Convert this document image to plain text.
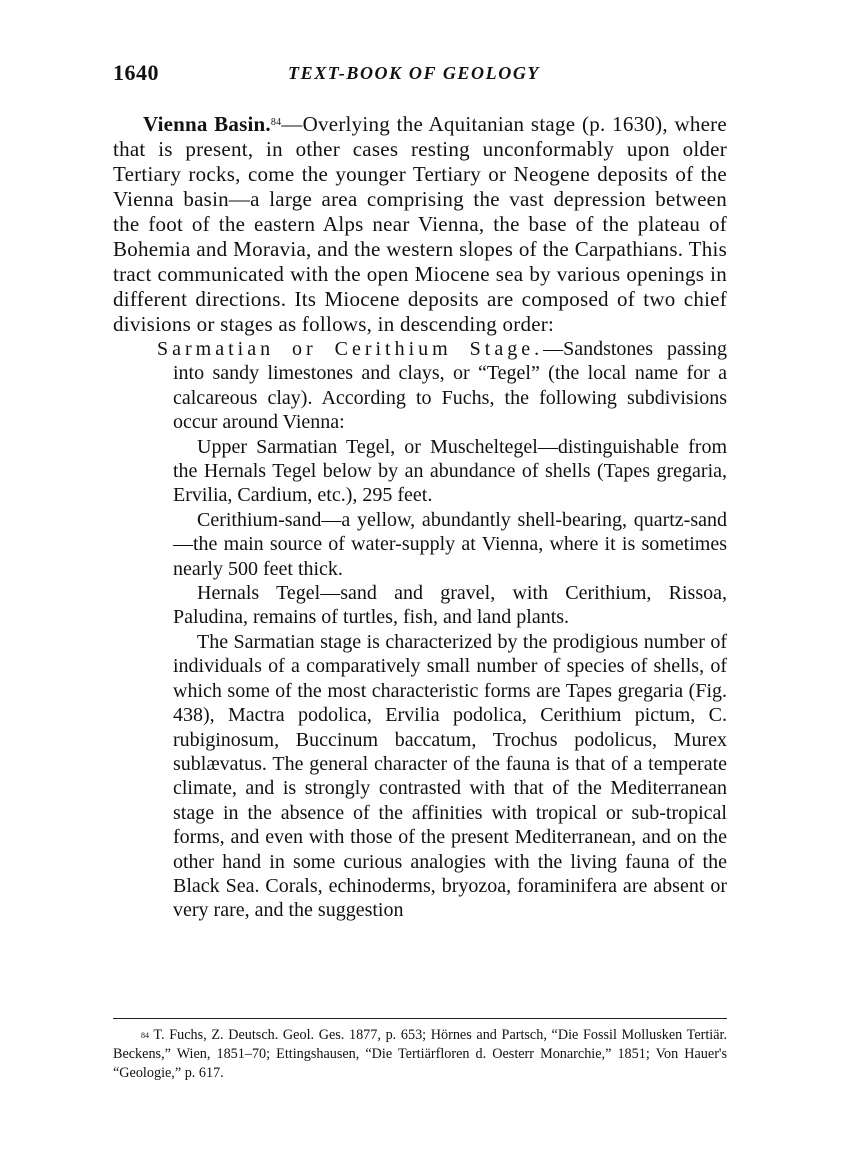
1640	TEXT-BOOK OF GEOLOGY

Vienna Basin.$^{84}$—Overlying the Aquitanian stage (p. 1630), where that is present, in other cases resting unconformably upon older Tertiary rocks, come the younger Tertiary or Neogene deposits of the Vienna basin—a large area comprising the vast depression between the foot of the eastern Alps near Vienna, the base of the plateau of Bohemia and Moravia, and the western slopes of the Carpathians. This tract communicated with the open Miocene sea by various openings in different directions. Its Miocene deposits are composed of two chief divisions or stages as follows, in descending order:

Sarmatian or Cerithium Stage.—Sandstones passing into sandy limestones and clays, or “Tegel” (the local name for a calcareous clay). According to Fuchs, the following subdivisions occur around Vienna:

Upper Sarmatian Tegel, or Muscheltegel—distinguishable from the Hernals Tegel below by an abundance of shells (Tapes gregaria, Ervilia, Cardium, etc.), 295 feet.

Cerithium-sand—a yellow, abundantly shell-bearing, quartz-sand—the main source of water-supply at Vienna, where it is sometimes nearly 500 feet thick.

Hernals Tegel—sand and gravel, with Cerithium, Rissoa, Paludina, remains of turtles, fish, and land plants.

The Sarmatian stage is characterized by the prodigious number of individuals of a comparatively small number of species of shells, of which some of the most characteristic forms are Tapes gregaria (Fig. 438), Mactra podolica, Ervilia podolica, Cerithium pictum, C. rubiginosum, Buccinum baccatum, Trochus podolicus, Murex sublævatus. The general character of the fauna is that of a temperate climate, and is strongly contrasted with that of the Mediterranean stage in the absence of the affinities with tropical or sub-tropical forms, and even with those of the present Mediterranean, and on the other hand in some curious analogies with the living fauna of the Black Sea. Corals, echinoderms, bryozoa, foraminifera are absent or very rare, and the suggestion

$^{84}$ T. Fuchs, Z. Deutsch. Geol. Ges. 1877, p. 653; Hörnes and Partsch, “Die Fossil Mollusken Tertiär. Beckens,” Wien, 1851–70; Ettingshausen, “Die Tertiärfloren d. Oesterr Monarchie,” 1851; Von Hauer's “Geologie,” p. 617.
